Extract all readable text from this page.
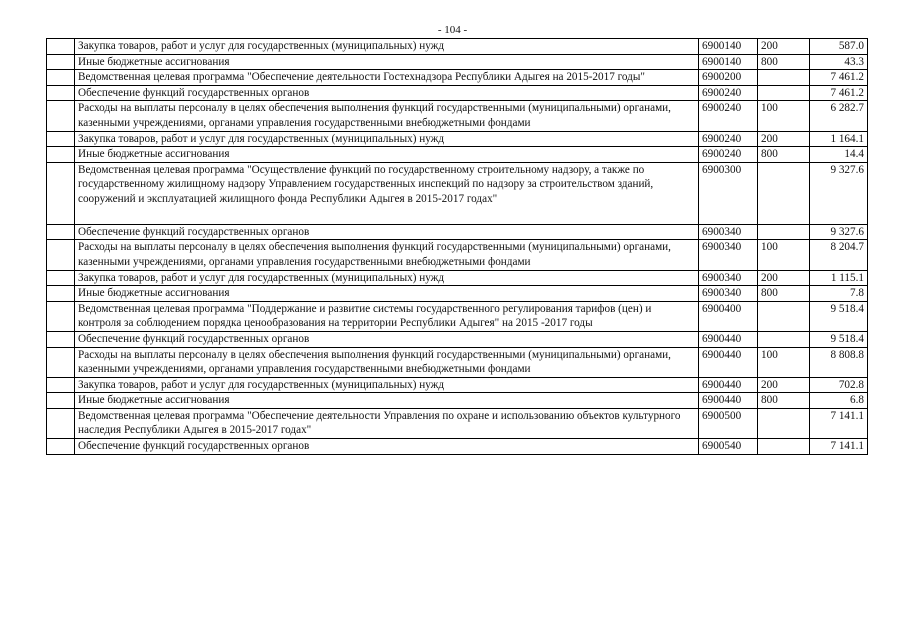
- 104 -
	Закупка товаров, работ и услуг для государственных (муниципальных) нужд	6900140	200	587.0
	Иные бюджетные ассигнования	6900140	800	43.3
	Ведомственная целевая программа "Обеспечение деятельности Гостехнадзора Республики Адыгея на 2015-2017 годы"	6900200		7 461.2
	Обеспечение функций государственных органов	6900240		7 461.2
	Расходы на выплаты персоналу в целях обеспечения выполнения функций государственными (муниципальными) органами, казенными учреждениями, органами управления государственными внебюджетными фондами	6900240	100	6 282.7
	Закупка товаров, работ и услуг для государственных (муниципальных) нужд	6900240	200	1 164.1
	Иные бюджетные ассигнования	6900240	800	14.4
	Ведомственная целевая программа "Осуществление функций по государственному строительному надзору, а также по государственному жилищному надзору Управлением государственных инспекций по надзору за строительством зданий, сооружений и эксплуатацией жилищного фонда Республики Адыгея в 2015-2017 годах"	6900300		9 327.6
	Обеспечение функций государственных органов	6900340		9 327.6
	Расходы на выплаты персоналу в целях обеспечения выполнения функций государственными (муниципальными) органами, казенными учреждениями, органами управления государственными внебюджетными фондами	6900340	100	8 204.7
	Закупка товаров, работ и услуг для государственных (муниципальных) нужд	6900340	200	1 115.1
	Иные бюджетные ассигнования	6900340	800	7.8
	Ведомственная целевая программа "Поддержание и развитие системы государственного регулирования тарифов (цен) и контроля за соблюдением порядка ценообразования на территории Республики Адыгея" на 2015 -2017 годы	6900400		9 518.4
	Обеспечение функций государственных органов	6900440		9 518.4
	Расходы на выплаты персоналу в целях обеспечения выполнения функций государственными (муниципальными) органами, казенными учреждениями, органами управления государственными внебюджетными фондами	6900440	100	8 808.8
	Закупка товаров, работ и услуг для государственных (муниципальных) нужд	6900440	200	702.8
	Иные бюджетные ассигнования	6900440	800	6.8
	Ведомственная целевая программа "Обеспечение деятельности Управления по охране и использованию объектов культурного наследия Республики Адыгея в 2015-2017 годах"	6900500		7 141.1
	Обеспечение функций государственных органов	6900540		7 141.1
